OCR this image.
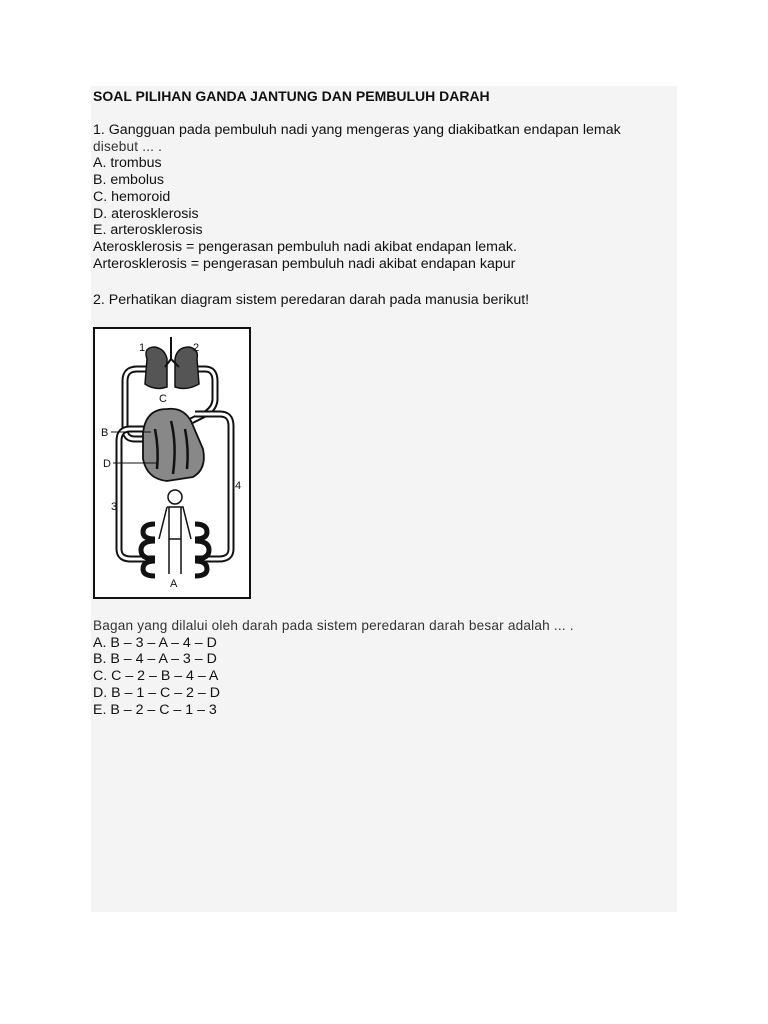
SOAL PILIHAN GANDA JANTUNG DAN PEMBULUH DARAH
1. Gangguan pada pembuluh nadi yang mengeras yang diakibatkan endapan lemak
disebut ... .
A. trombus
B. embolus
C. hemoroid
D. aterosklerosis
E. arterosklerosis
Aterosklerosis = pengerasan pembuluh nadi akibat endapan lemak.
Arterosklerosis = pengerasan pembuluh nadi akibat endapan kapur
2. Perhatikan diagram sistem peredaran darah pada manusia berikut!
1	2
C
B
D
3
4
A
Bagan yang dilalui oleh darah pada sistem peredaran darah besar adalah ... .
A. B – 3 – A – 4 – D
B. B – 4 – A – 3 – D
C. C – 2 – B – 4 – A
D. B – 1 – C – 2 – D
E. B – 2 – C – 1 – 3
